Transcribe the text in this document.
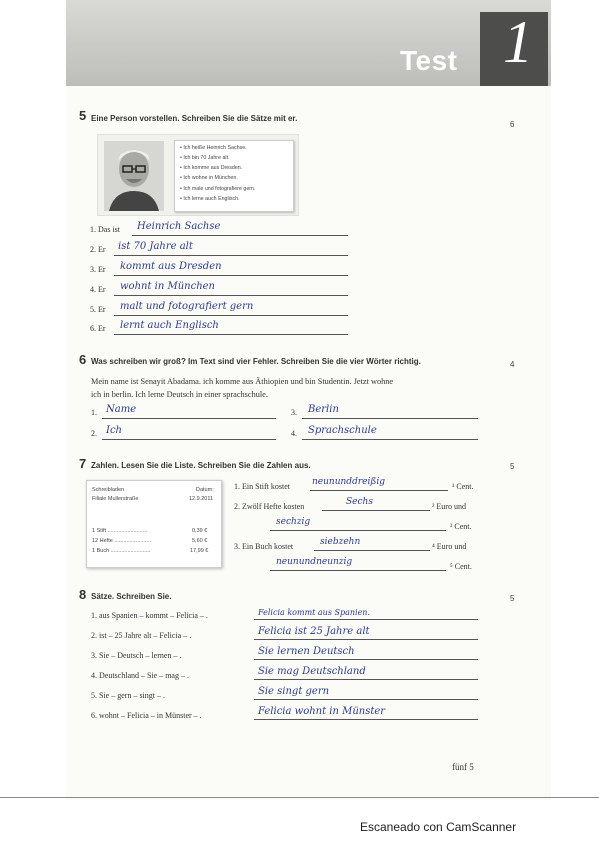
Test 1
5 Eine Person vorstellen. Schreiben Sie die Sätze mit er.
6
• Ich heiße Heinrich Sachse.
• Ich bin 70 Jahre alt.
• Ich komme aus Dresden.
• Ich wohne in München.
• Ich male und fotografiere gern.
• Ich lerne auch Englisch.
1. Das ist Heinrich Sachse
2. Er ist 70 Jahre alt
3. Er kommt aus Dresden
4. Er wohnt in München
5. Er malt und fotografiert gern
6. Er lernt auch Englisch
6 Was schreiben wir groß? Im Text sind vier Fehler. Schreiben Sie die vier Wörter richtig.	4
Mein name ist Senayit Abadama. ich komme aus Äthiopien und bin Studentin. Jetzt wohne
ich in berlin. Ich lerne Deutsch in einer sprachschule.
1. Name	3. Berlin
2. Ich	4. Sprachschule
7 Zahlen. Lesen Sie die Liste. Schreiben Sie die Zahlen aus.	5
Schreibladen
Filiale Mullerstraße
Datum:
12.9.2011
1 Stift ..........................	0,39 €
12 Hefte ........................	5,60 €
1 Buch ..........................	17,99 €
1. Ein Stift kostet neununddreißig	¹ Cent.
2. Zwölf Hefte kosten	Sechs	² Euro und
sechzig	³ Cent.
3. Ein Buch kostet	siebzehn	⁴ Euro und
neunundneunzig	⁵ Cent.
8 Sätze. Schreiben Sie.	5
1. aus Spanien – kommt – Felicia – .	Felicia kommt aus Spanien.
2. ist – 25 Jahre alt – Felicia – .	Felicia ist 25 Jahre alt
3. Sie – Deutsch – lernen – .	Sie lernen Deutsch
4. Deutschland – Sie – mag – .	Sie mag Deutschland
5. Sie – gern – singt – .	Sie singt gern
6. wohnt – Felicia – in Münster – .	Felicia wohnt in Münster
fünf 5
Escaneado con CamScanner
